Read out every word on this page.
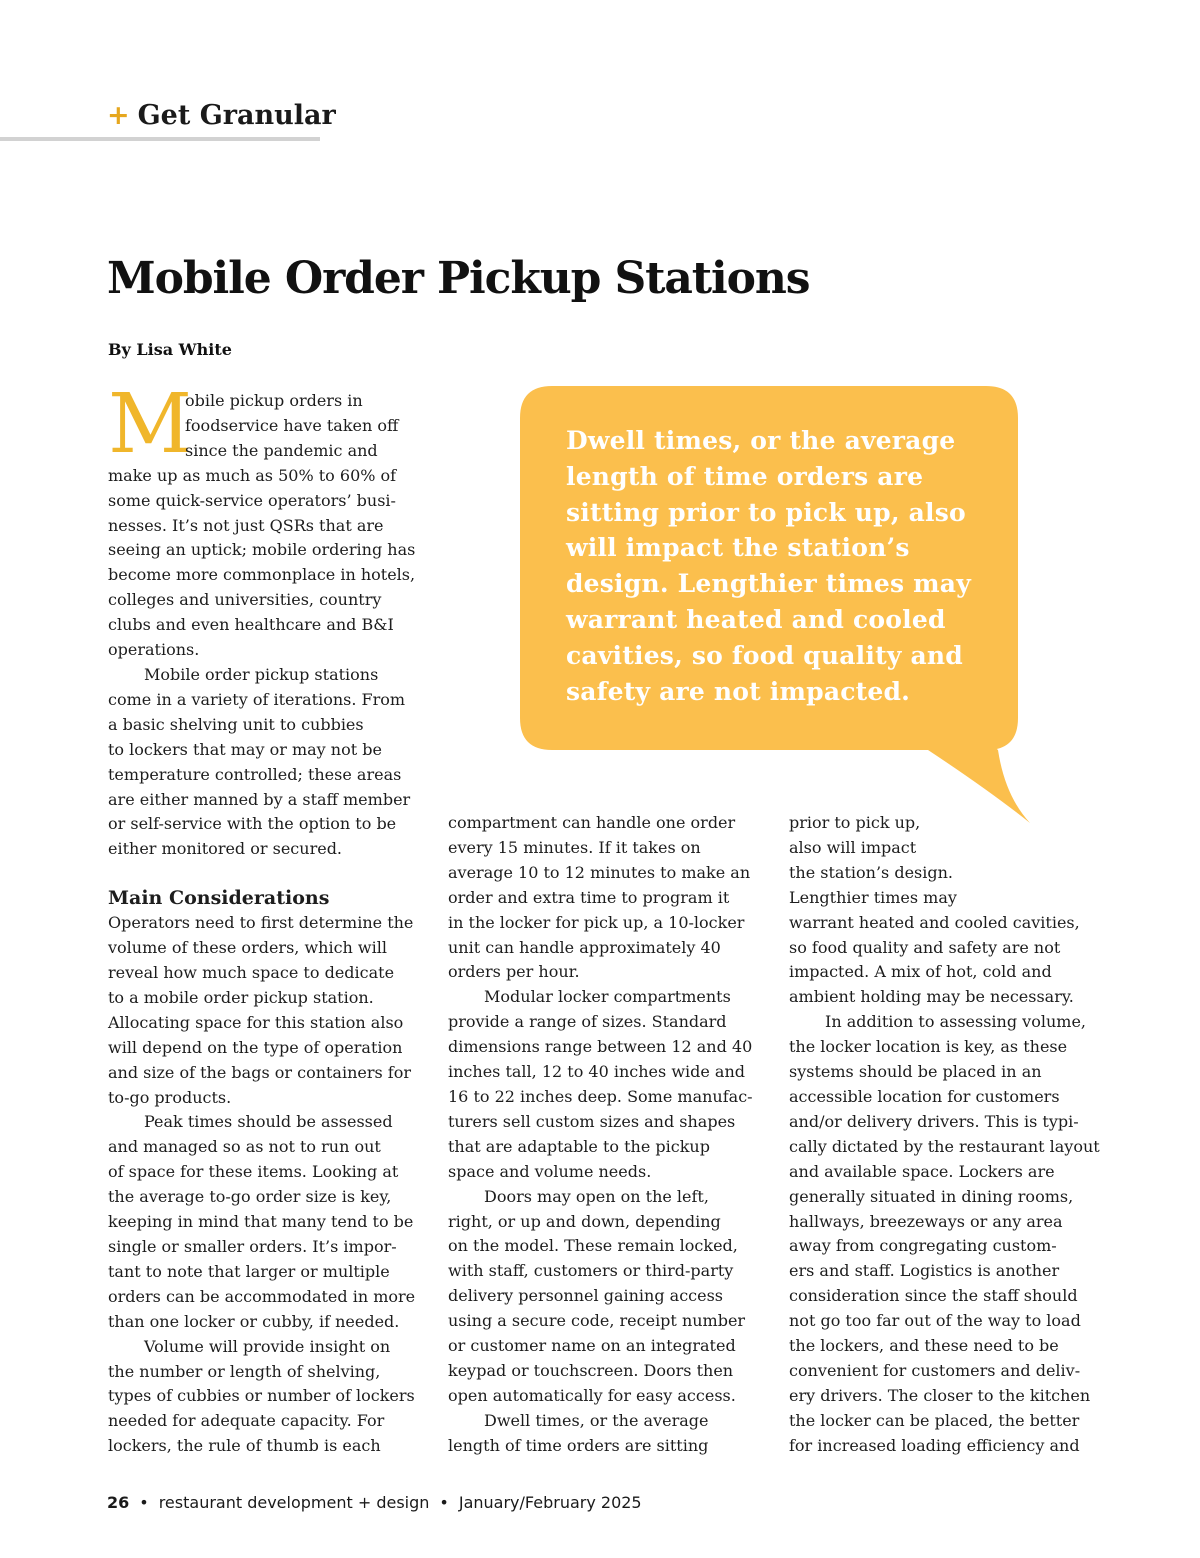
+ Get Granular
Mobile Order Pickup Stations
By Lisa White
M

obile pickup orders in
foodservice have taken off
since the pandemic and
make up as much as 50% to 60% of
some quick-service operators’ busi-
nesses. It’s not just QSRs that are
seeing an uptick; mobile ordering has
become more commonplace in hotels,
colleges and universities, country
clubs and even healthcare and B&I
operations.

Mobile order pickup stations
come in a variety of iterations. From
a basic shelving unit to cubbies
to lockers that may or may not be
temperature controlled; these areas
are either manned by a staff member
or self-service with the option to be
either monitored or secured.

Main Considerations

Operators need to first determine the
volume of these orders, which will
reveal how much space to dedicate
to a mobile order pickup station.
Allocating space for this station also
will depend on the type of operation
and size of the bags or containers for
to-go products.

Peak times should be assessed
and managed so as not to run out
of space for these items. Looking at
the average to-go order size is key,
keeping in mind that many tend to be
single or smaller orders. It’s impor-
tant to note that larger or multiple
orders can be accommodated in more
than one locker or cubby, if needed.

Volume will provide insight on
the number or length of shelving,
types of cubbies or number of lockers
needed for adequate capacity. For
lockers, the rule of thumb is each

compartment can handle one order
every 15 minutes. If it takes on
average 10 to 12 minutes to make an
order and extra time to program it
in the locker for pick up, a 10-locker
unit can handle approximately 40
orders per hour.

Modular locker compartments
provide a range of sizes. Standard
dimensions range between 12 and 40
inches tall, 12 to 40 inches wide and
16 to 22 inches deep. Some manufac-
turers sell custom sizes and shapes
that are adaptable to the pickup
space and volume needs.

Doors may open on the left,
right, or up and down, depending
on the model. These remain locked,
with staff, customers or third-party
delivery personnel gaining access
using a secure code, receipt number
or customer name on an integrated
keypad or touchscreen. Doors then
open automatically for easy access.

Dwell times, or the average
length of time orders are sitting

prior to pick up,
also will impact
the station’s design.
Lengthier times may
warrant heated and cooled cavities,
so food quality and safety are not
impacted. A mix of hot, cold and
ambient holding may be necessary.

In addition to assessing volume,
the locker location is key, as these
systems should be placed in an
accessible location for customers
and/or delivery drivers. This is typi-
cally dictated by the restaurant layout
and available space. Lockers are
generally situated in dining rooms,
hallways, breezeways or any area
away from congregating custom-
ers and staff. Logistics is another
consideration since the staff should
not go too far out of the way to load
the lockers, and these need to be
convenient for customers and deliv-
ery drivers. The closer to the kitchen
the locker can be placed, the better
for increased loading efficiency and

Dwell times, or the average
length of time orders are
sitting prior to pick up, also
will impact the station’s
design. Lengthier times may
warrant heated and cooled
cavities, so food quality and
safety are not impacted.
26 • restaurant development + design • January/February 2025
